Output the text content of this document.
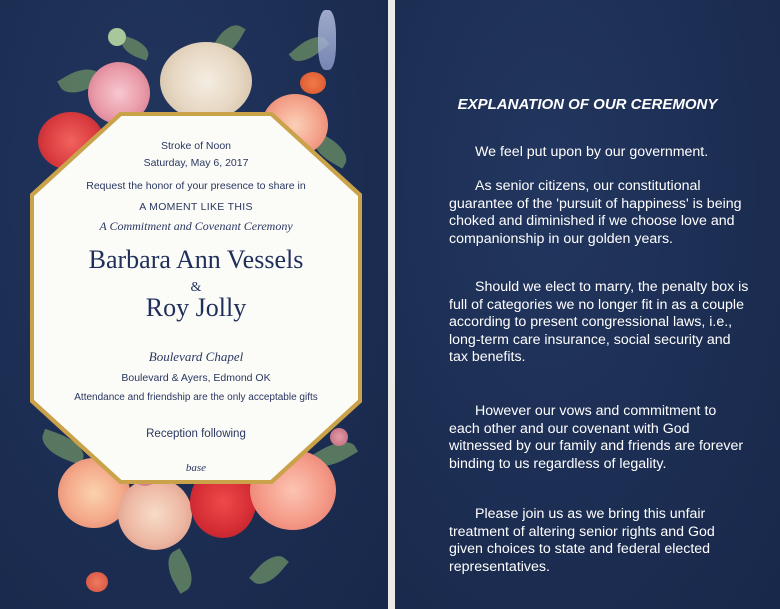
Stroke of Noon
Saturday, May 6, 2017
Request the honor of your presence to share in
A MOMENT LIKE THIS
A Commitment and Covenant Ceremony
Barbara Ann Vessels
&
Roy Jolly
Boulevard Chapel
Boulevard & Ayers, Edmond OK
Attendance and friendship are the only acceptable gifts
Reception following
base
EXPLANATION OF OUR CEREMONY
We feel put upon by our government.
As senior citizens, our constitutional guarantee of the 'pursuit of happiness' is being choked and diminished if we choose love and companionship in our golden years.
Should we elect to marry, the penalty box is full of categories we no longer fit in as a couple according to present congressional laws, i.e., long-term care insurance, social security and tax benefits.
However our vows and commitment to each other and our covenant with God witnessed by our family and friends are forever binding to us regardless of legality.
Please join us as we bring this unfair treatment of altering senior rights and God given choices to state and federal elected representatives.
